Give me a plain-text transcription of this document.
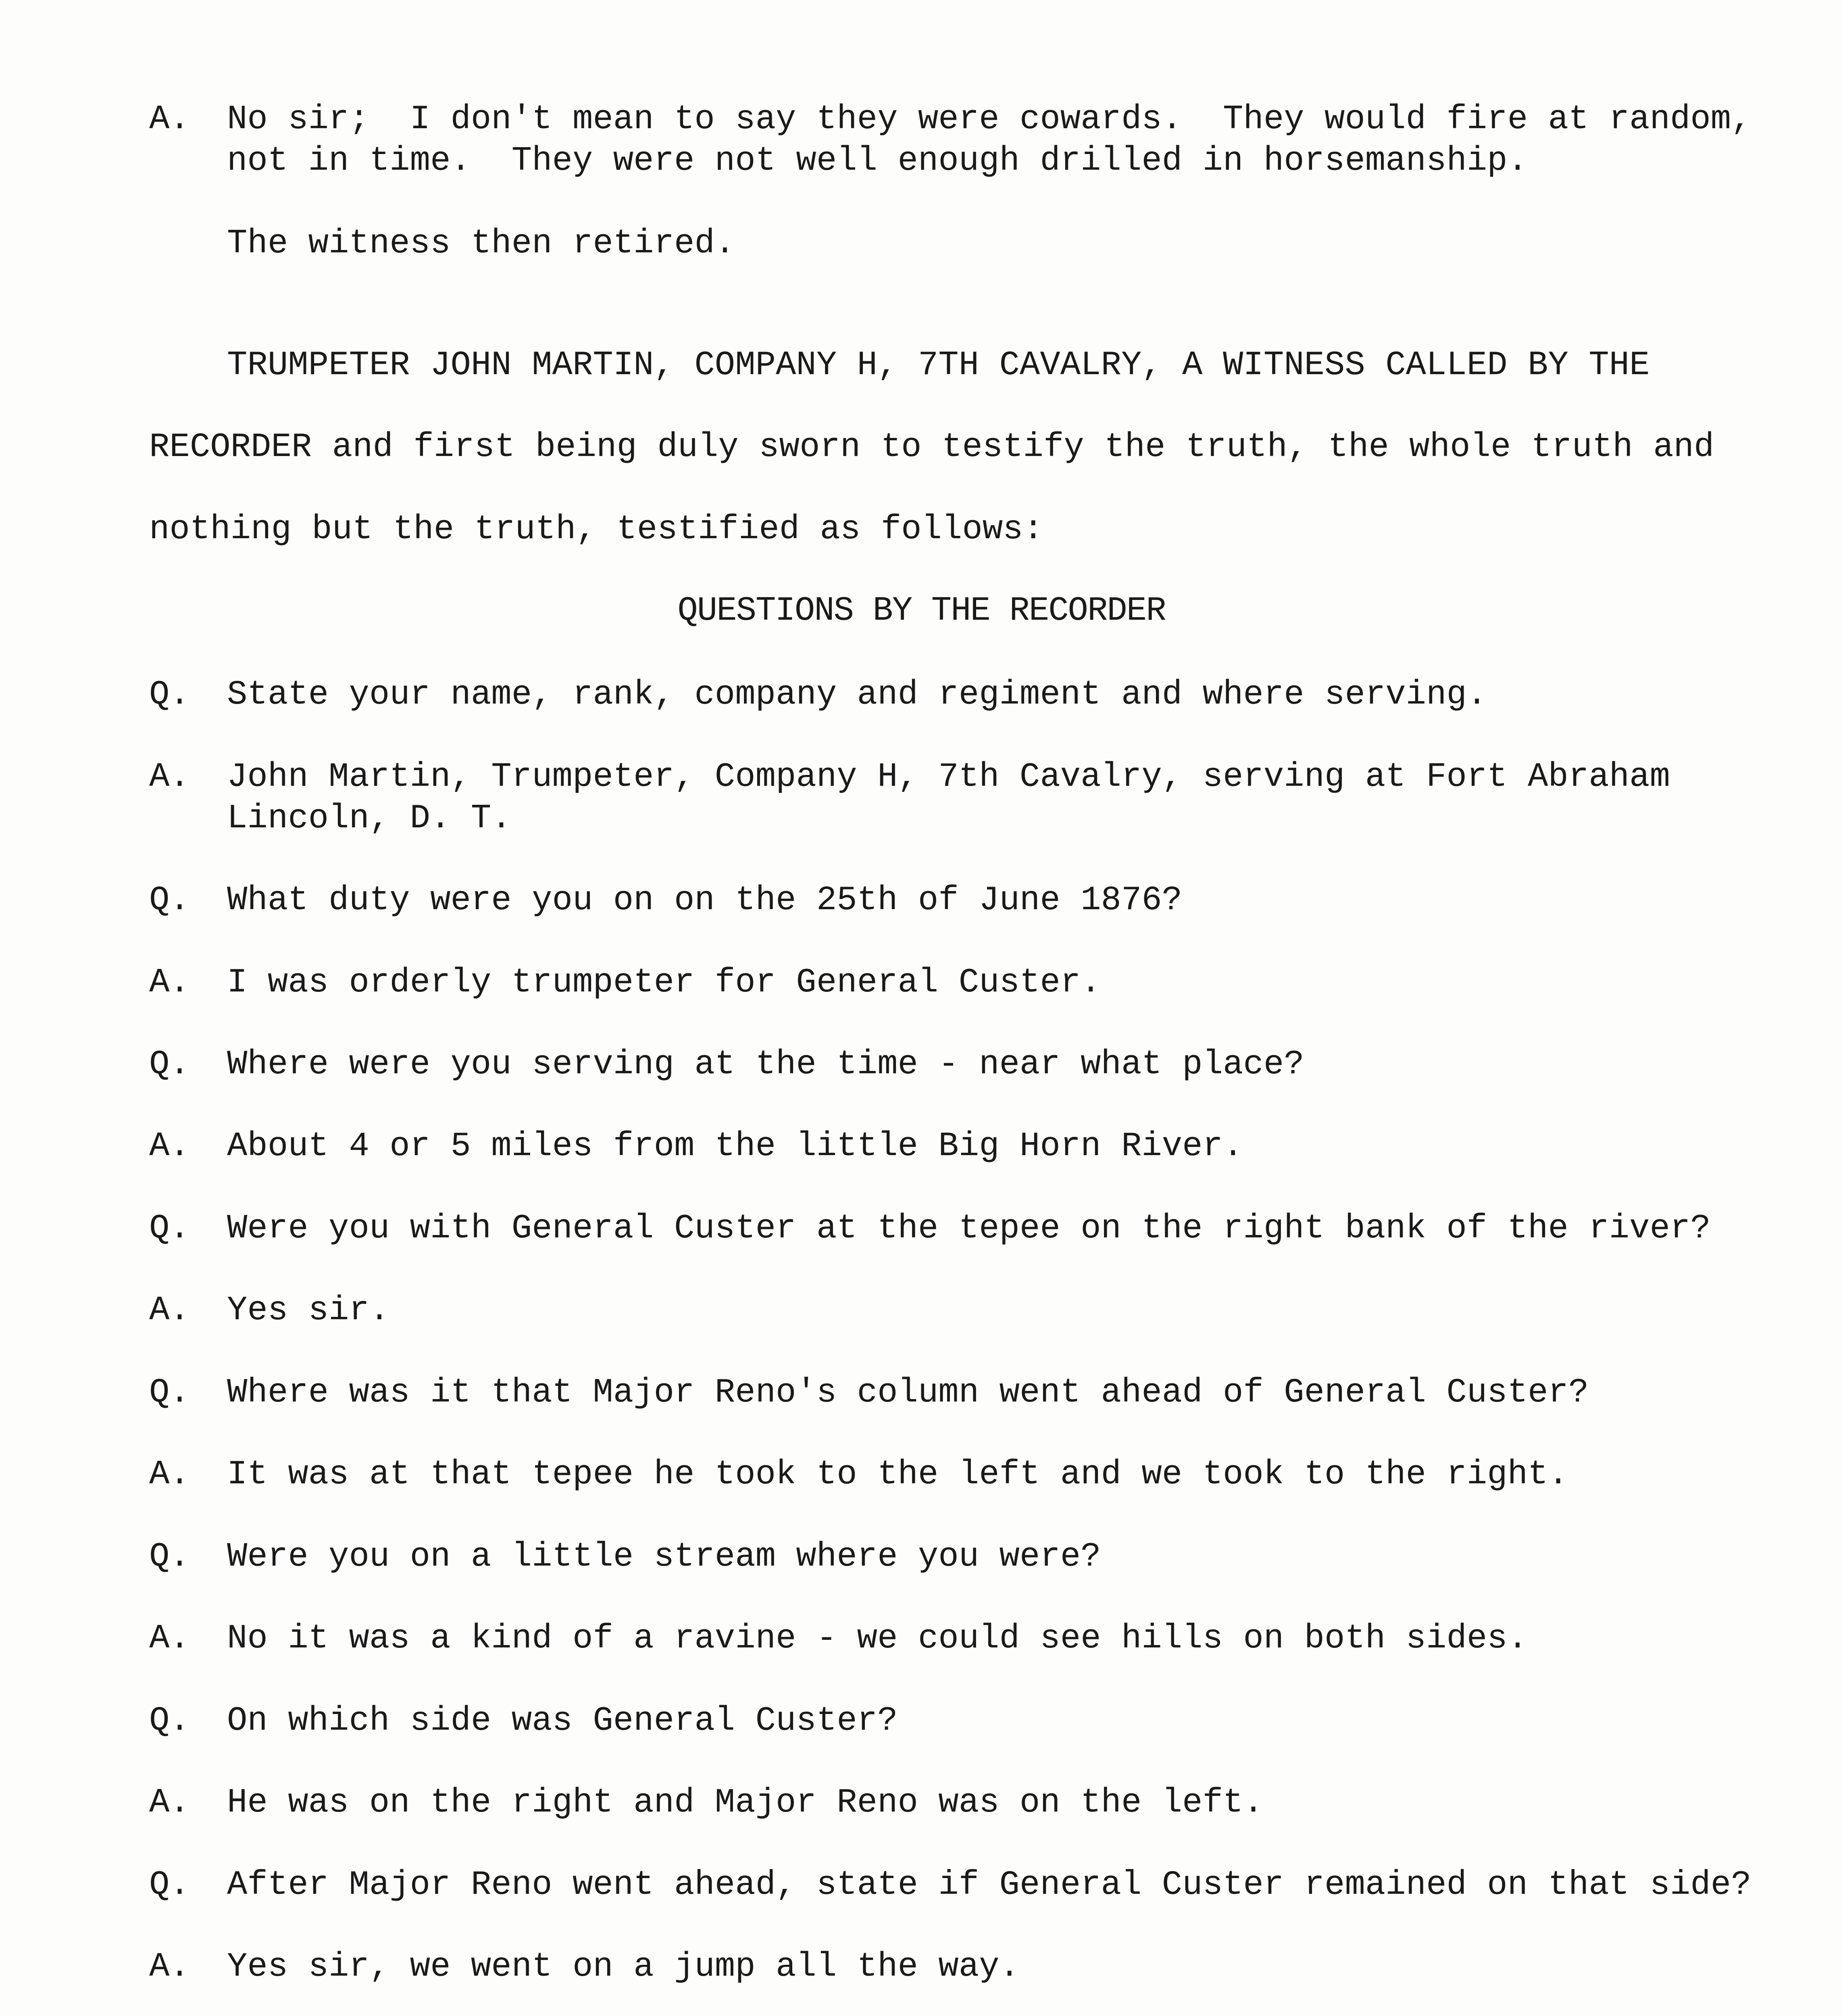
A.	No sir;  I don't mean to say they were cowards.  They would fire at random,
not in time.  They were not well enough drilled in horsemanship.
The witness then retired.
TRUMPETER JOHN MARTIN, COMPANY H, 7TH CAVALRY, A WITNESS CALLED BY THE
RECORDER and first being duly sworn to testify the truth, the whole truth and
nothing but the truth, testified as follows:
QUESTIONS BY THE RECORDER
Q.	State your name, rank, company and regiment and where serving.
A.	John Martin, Trumpeter, Company H, 7th Cavalry, serving at Fort Abraham
Lincoln, D. T.
Q.	What duty were you on on the 25th of June 1876?
A.	I was orderly trumpeter for General Custer.
Q.	Where were you serving at the time - near what place?
A.	About 4 or 5 miles from the little Big Horn River.
Q.	Were you with General Custer at the tepee on the right bank of the river?
A.	Yes sir.
Q.	Where was it that Major Reno's column went ahead of General Custer?
A.	It was at that tepee he took to the left and we took to the right.
Q.	Were you on a little stream where you were?
A.	No it was a kind of a ravine - we could see hills on both sides.
Q.	On which side was General Custer?
A.	He was on the right and Major Reno was on the left.
Q.	After Major Reno went ahead, state if General Custer remained on that side?
A.	Yes sir, we went on a jump all the way.
